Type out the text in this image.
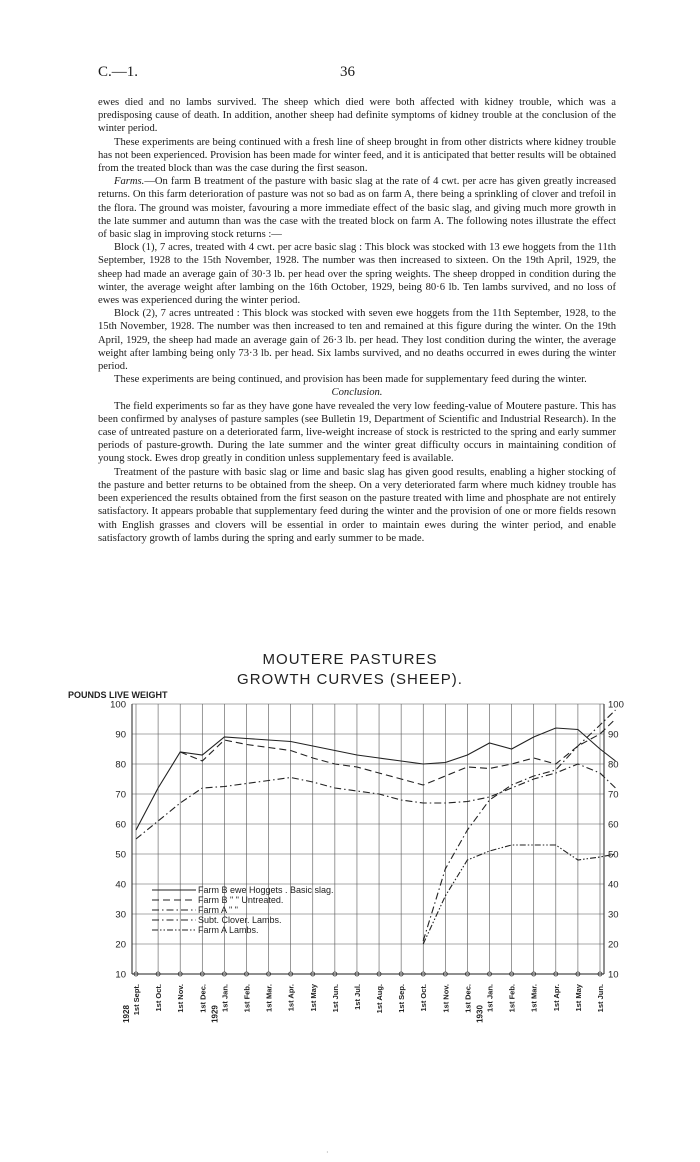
C.—1.	36

ewes died and no lambs survived. The sheep which died were both affected with kidney trouble, which was a predisposing cause of death. In addition, another sheep had definite symptoms of kidney trouble at the conclusion of the winter period.

These experiments are being continued with a fresh line of sheep brought in from other districts where kidney trouble has not been experienced. Provision has been made for winter feed, and it is anticipated that better results will be obtained from the treated block than was the case during the first season.

Farms.—On farm B treatment of the pasture with basic slag at the rate of 4 cwt. per acre has given greatly increased returns. On this farm deterioration of pasture was not so bad as on farm A, there being a sprinkling of clover and trefoil in the flora. The ground was moister, favouring a more immediate effect of the basic slag, and giving much more growth in the late summer and autumn than was the case with the treated block on farm A. The following notes illustrate the effect of basic slag in improving stock returns :—

Block (1), 7 acres, treated with 4 cwt. per acre basic slag : This block was stocked with 13 ewe hoggets from the 11th September, 1928 to the 15th November, 1928. The number was then increased to sixteen. On the 19th April, 1929, the sheep had made an average gain of 30·3 lb. per head over the spring weights. The sheep dropped in condition during the winter, the average weight after lambing on the 16th October, 1929, being 80·6 lb. Ten lambs survived, and no loss of ewes was experienced during the winter period.

Block (2), 7 acres untreated : This block was stocked with seven ewe hoggets from the 11th September, 1928, to the 15th November, 1928. The number was then increased to ten and remained at this figure during the winter. On the 19th April, 1929, the sheep had made an average gain of 26·3 lb. per head. They lost condition during the winter, the average weight after lambing being only 73·3 lb. per head. Six lambs survived, and no deaths occurred in ewes during the winter period.

These experiments are being continued, and provision has been made for supplementary feed during the winter.

Conclusion.

The field experiments so far as they have gone have revealed the very low feeding-value of Moutere pasture. This has been confirmed by analyses of pasture samples (see Bulletin 19, Department of Scientific and Industrial Research). In the case of untreated pasture on a deteriorated farm, live-weight increase of stock is restricted to the spring and early summer periods of pasture-growth. During the late summer and the winter great difficulty occurs in maintaining condition of young stock. Ewes drop greatly in condition unless supplementary feed is available.

Treatment of the pasture with basic slag or lime and basic slag has given good results, enabling a higher stocking of the pasture and better returns to be obtained from the sheep. On a very deteriorated farm where much kidney trouble has been experienced the results obtained from the first season on the pasture treated with lime and phosphate are not entirely satisfactory. It appears probable that supplementary feed during the winter and the provision of one or more fields resown with English grasses and clovers will be essential in order to maintain ewes during the winter period, and enable satisfactory growth of lambs during the spring and early summer to be made.

MOUTERE PASTURES
GROWTH CURVES (SHEEP).
POUNDS LIVE WEIGHT
10	10
20	20
30	30
40	40
50	50
60	60
70	70
80	80
90	90
100	100
1st Sept. 1st Oct. 1st Nov. 1st Dec. 1st Jan. 1st Feb. 1st Mar. 1st Apr. 1st May 1st Jun. 1st Jul. 1st Aug. 1st Sep. 1st Oct. 1st Nov. 1st Dec. 1st Jan. 1st Feb. 1st Mar. 1st Apr. 1st May 1st Jun.
1928	1929	1930
Farm B ewe Hoggets . Basic slag.
Farm B " " Untreated.
Farm A " "
Subt. Clover. Lambs.
Farm A Lambs.
·
